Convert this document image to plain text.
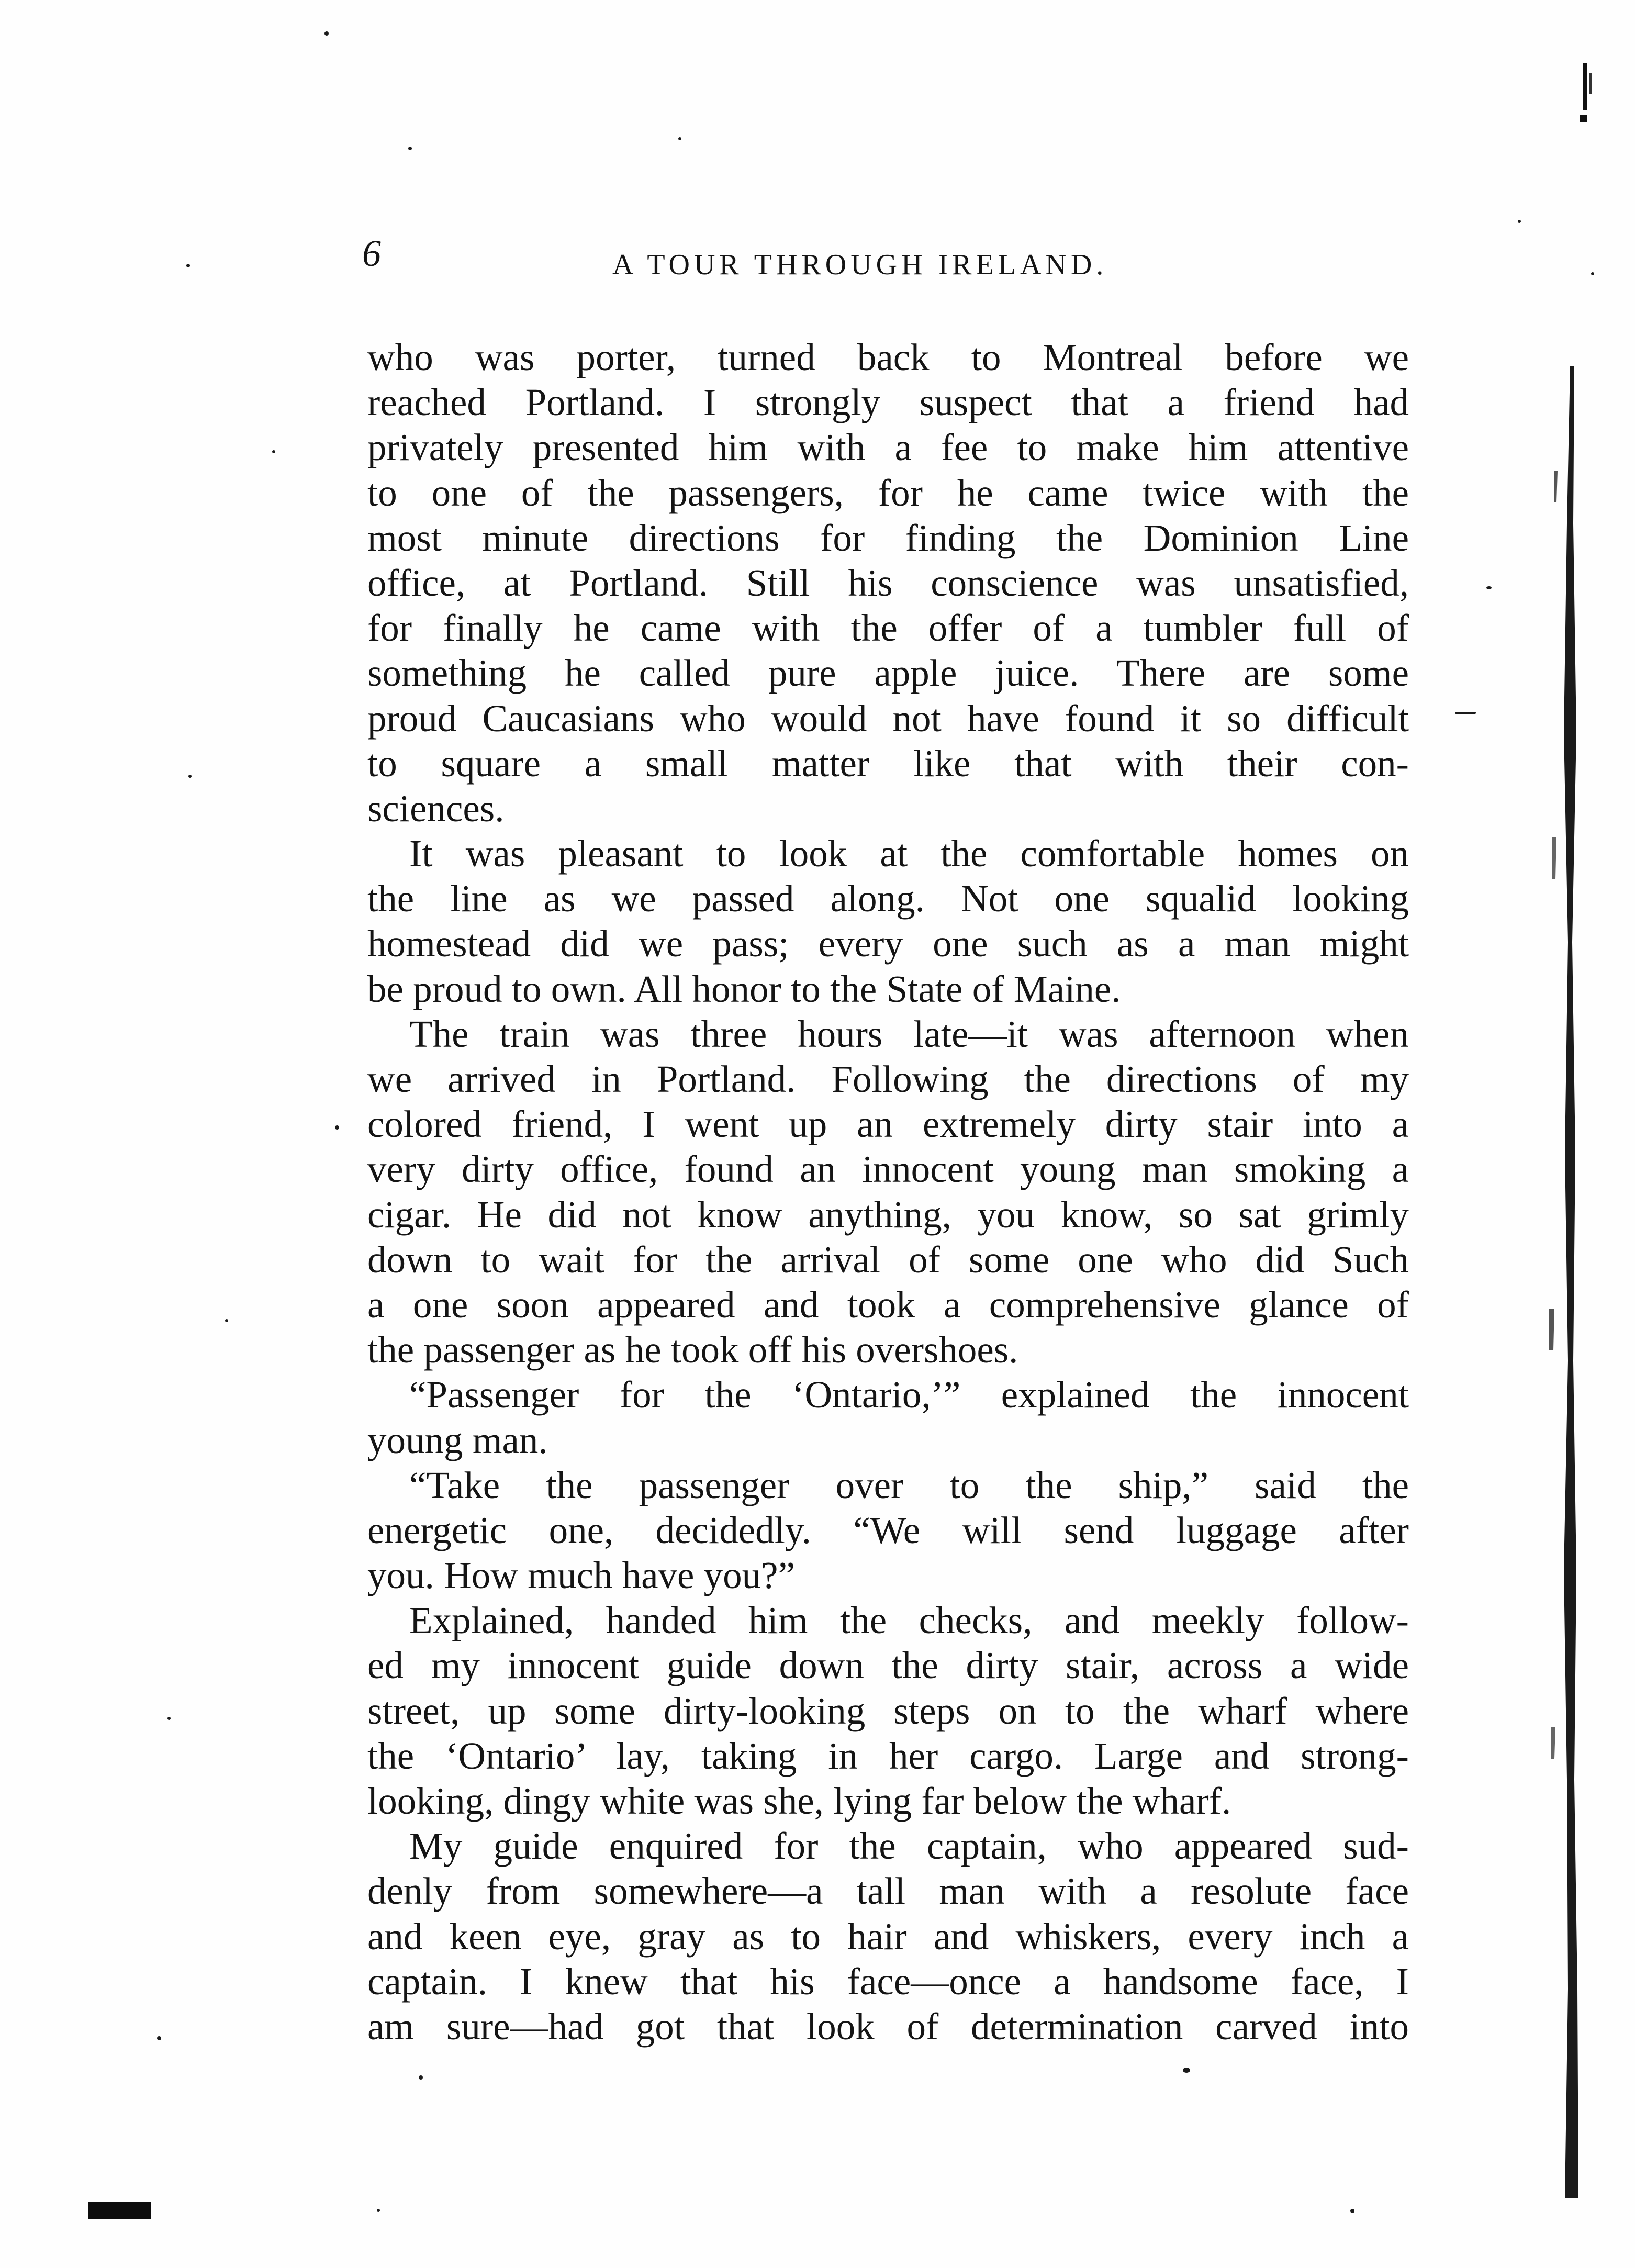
6	A TOUR THROUGH IRELAND.
who was porter, turned back to Montreal before we
reached Portland. I strongly suspect that a friend had
privately presented him with a fee to make him attentive
to one of the passengers, for he came twice with the
most minute directions for finding the Dominion Line
office, at Portland. Still his conscience was unsatisfied,
for finally he came with the offer of a tumbler full of
something he called pure apple juice. There are some
proud Caucasians who would not have found it so difficult
to square a small matter like that with their con-
sciences.
It was pleasant to look at the comfortable homes on
the line as we passed along. Not one squalid looking
homestead did we pass; every one such as a man might
be proud to own. All honor to the State of Maine.
The train was three hours late—it was afternoon when
we arrived in Portland. Following the directions of my
colored friend, I went up an extremely dirty stair into a
very dirty office, found an innocent young man smoking a
cigar. He did not know anything, you know, so sat grimly
down to wait for the arrival of some one who did Such
a one soon appeared and took a comprehensive glance of
the passenger as he took off his overshoes.
“Passenger for the ‘Ontario,’” explained the innocent
young man.
“Take the passenger over to the ship,” said the
energetic one, decidedly. “We will send luggage after
you. How much have you?”
Explained, handed him the checks, and meekly follow-
ed my innocent guide down the dirty stair, across a wide
street, up some dirty-looking steps on to the wharf where
the ‘Ontario’ lay, taking in her cargo. Large and strong-
looking, dingy white was she, lying far below the wharf.
My guide enquired for the captain, who appeared sud-
denly from somewhere—a tall man with a resolute face
and keen eye, gray as to hair and whiskers, every inch a
captain. I knew that his face—once a handsome face, I
am sure—had got that look of determination carved into
